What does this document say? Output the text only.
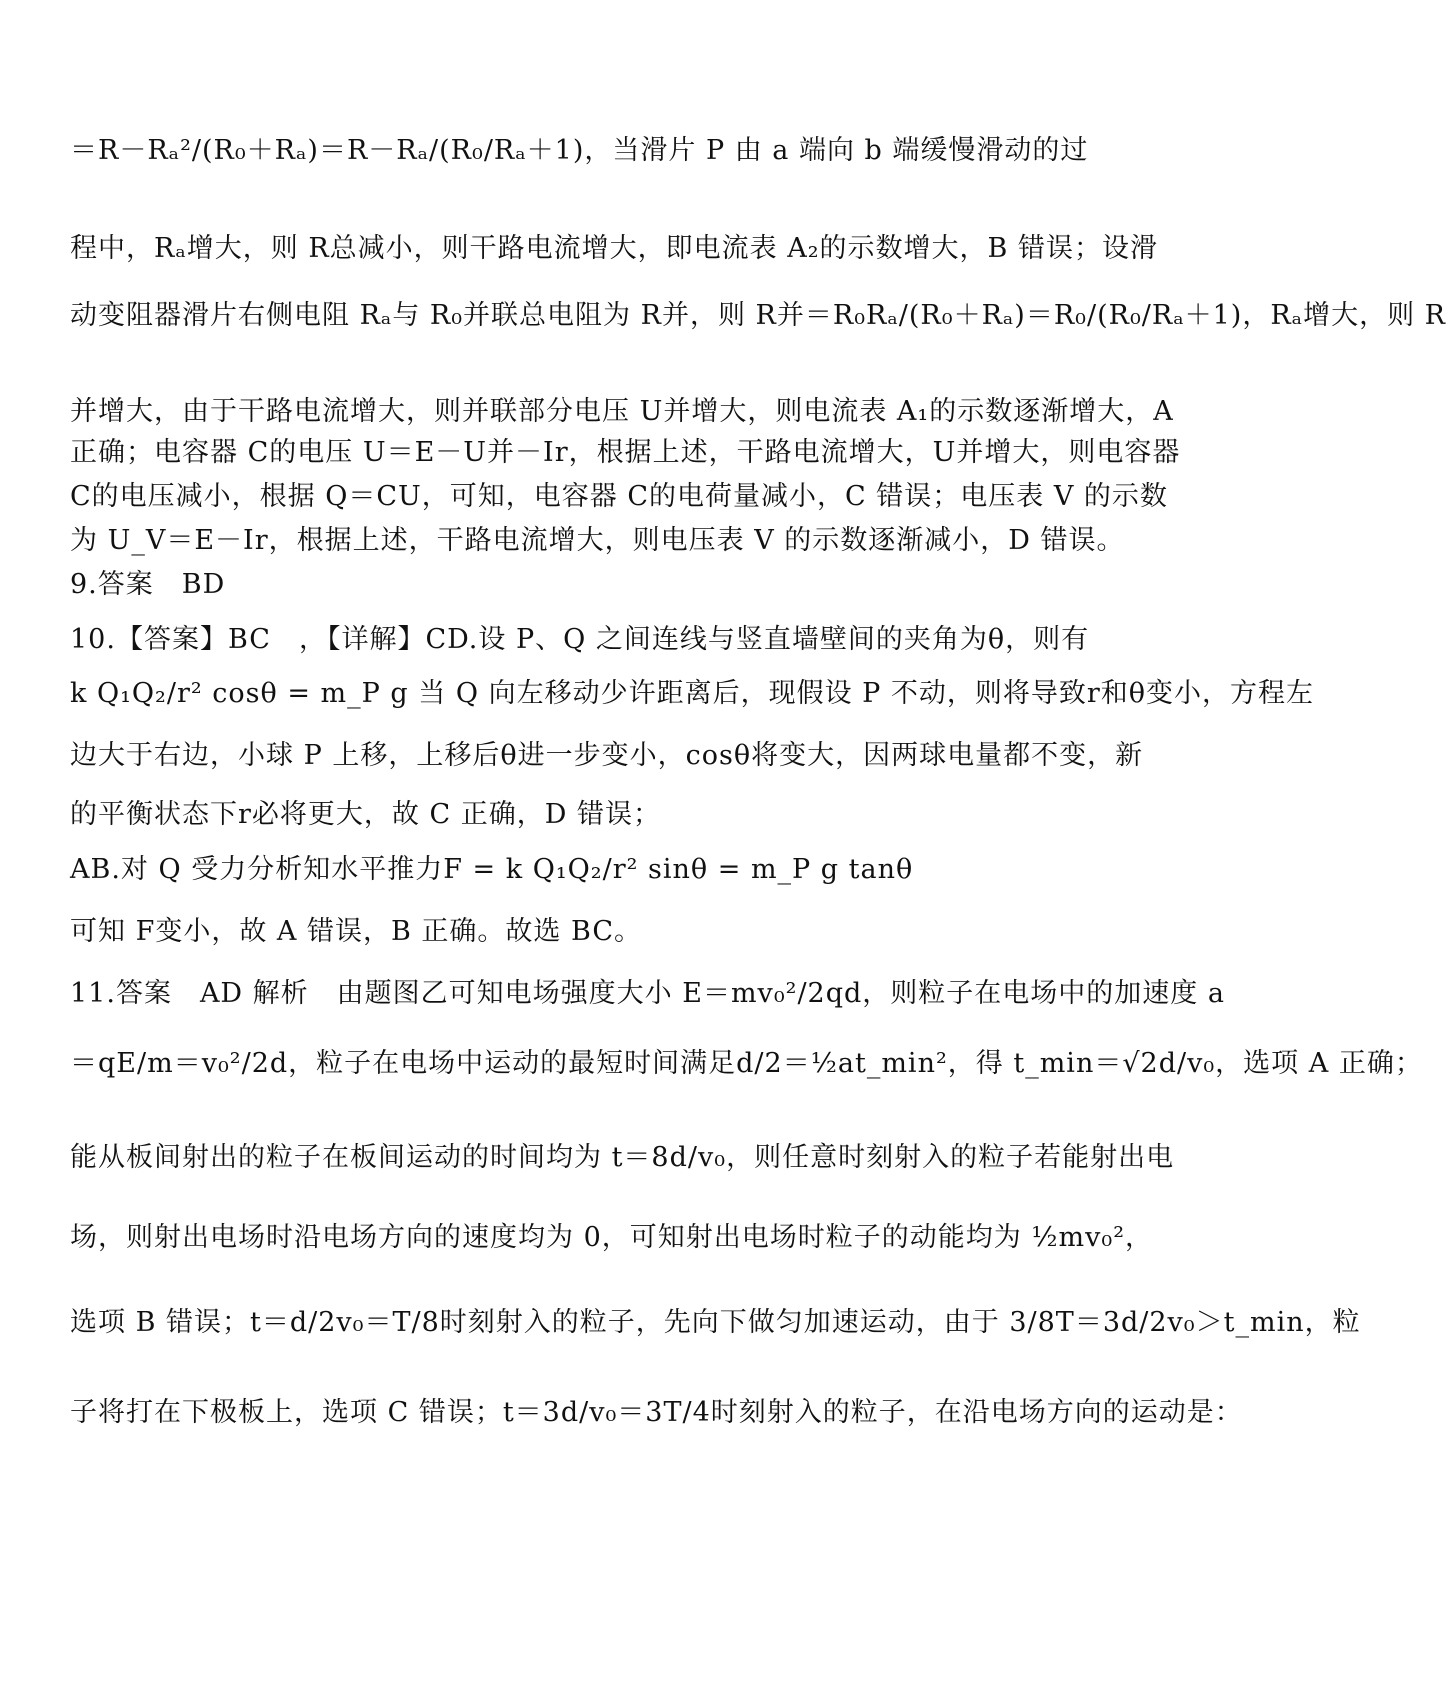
＝R－Rₐ²/(R₀＋Rₐ)＝R－Rₐ/(R₀/Rₐ＋1)，当滑片 P 由 a 端向 b 端缓慢滑动的过
程中，Rₐ增大，则 R总减小，则干路电流增大，即电流表 A₂的示数增大，B 错误；设滑
动变阻器滑片右侧电阻 Rₐ与 R₀并联总电阻为 R并，则 R并＝R₀Rₐ/(R₀＋Rₐ)＝R₀/(R₀/Rₐ＋1)，Rₐ增大，则 R
并增大，由于干路电流增大，则并联部分电压 U并增大，则电流表 A₁的示数逐渐增大，A
正确；电容器 C的电压 U＝E－U并－Ir，根据上述，干路电流增大，U并增大，则电容器
C的电压减小，根据 Q＝CU，可知，电容器 C的电荷量减小，C 错误；电压表 V 的示数
为 U_V＝E－Ir，根据上述，干路电流增大，则电压表 V 的示数逐渐减小，D 错误。
9.答案　BD
10.【答案】BC　，【详解】CD.设 P、Q 之间连线与竖直墙壁间的夹角为θ，则有
k Q₁Q₂/r² cosθ = m_P g 当 Q 向左移动少许距离后，现假设 P 不动，则将导致r和θ变小，方程左
边大于右边，小球 P 上移，上移后θ进一步变小，cosθ将变大，因两球电量都不变，新
的平衡状态下r必将更大，故 C 正确，D 错误；
AB.对 Q 受力分析知水平推力F = k Q₁Q₂/r² sinθ = m_P g tanθ
可知 F变小，故 A 错误，B 正确。故选 BC。
11.答案　AD 解析　由题图乙可知电场强度大小 E＝mv₀²/2qd，则粒子在电场中的加速度 a
＝qE/m＝v₀²/2d，粒子在电场中运动的最短时间满足d/2＝½at_min²，得 t_min＝√2d/v₀，选项 A 正确；
能从板间射出的粒子在板间运动的时间均为 t＝8d/v₀，则任意时刻射入的粒子若能射出电
场，则射出电场时沿电场方向的速度均为 0，可知射出电场时粒子的动能均为 ½mv₀²，
选项 B 错误；t＝d/2v₀＝T/8时刻射入的粒子，先向下做匀加速运动，由于 3/8T＝3d/2v₀＞t_min，粒
子将打在下极板上，选项 C 错误；t＝3d/v₀＝3T/4时刻射入的粒子，在沿电场方向的运动是：
